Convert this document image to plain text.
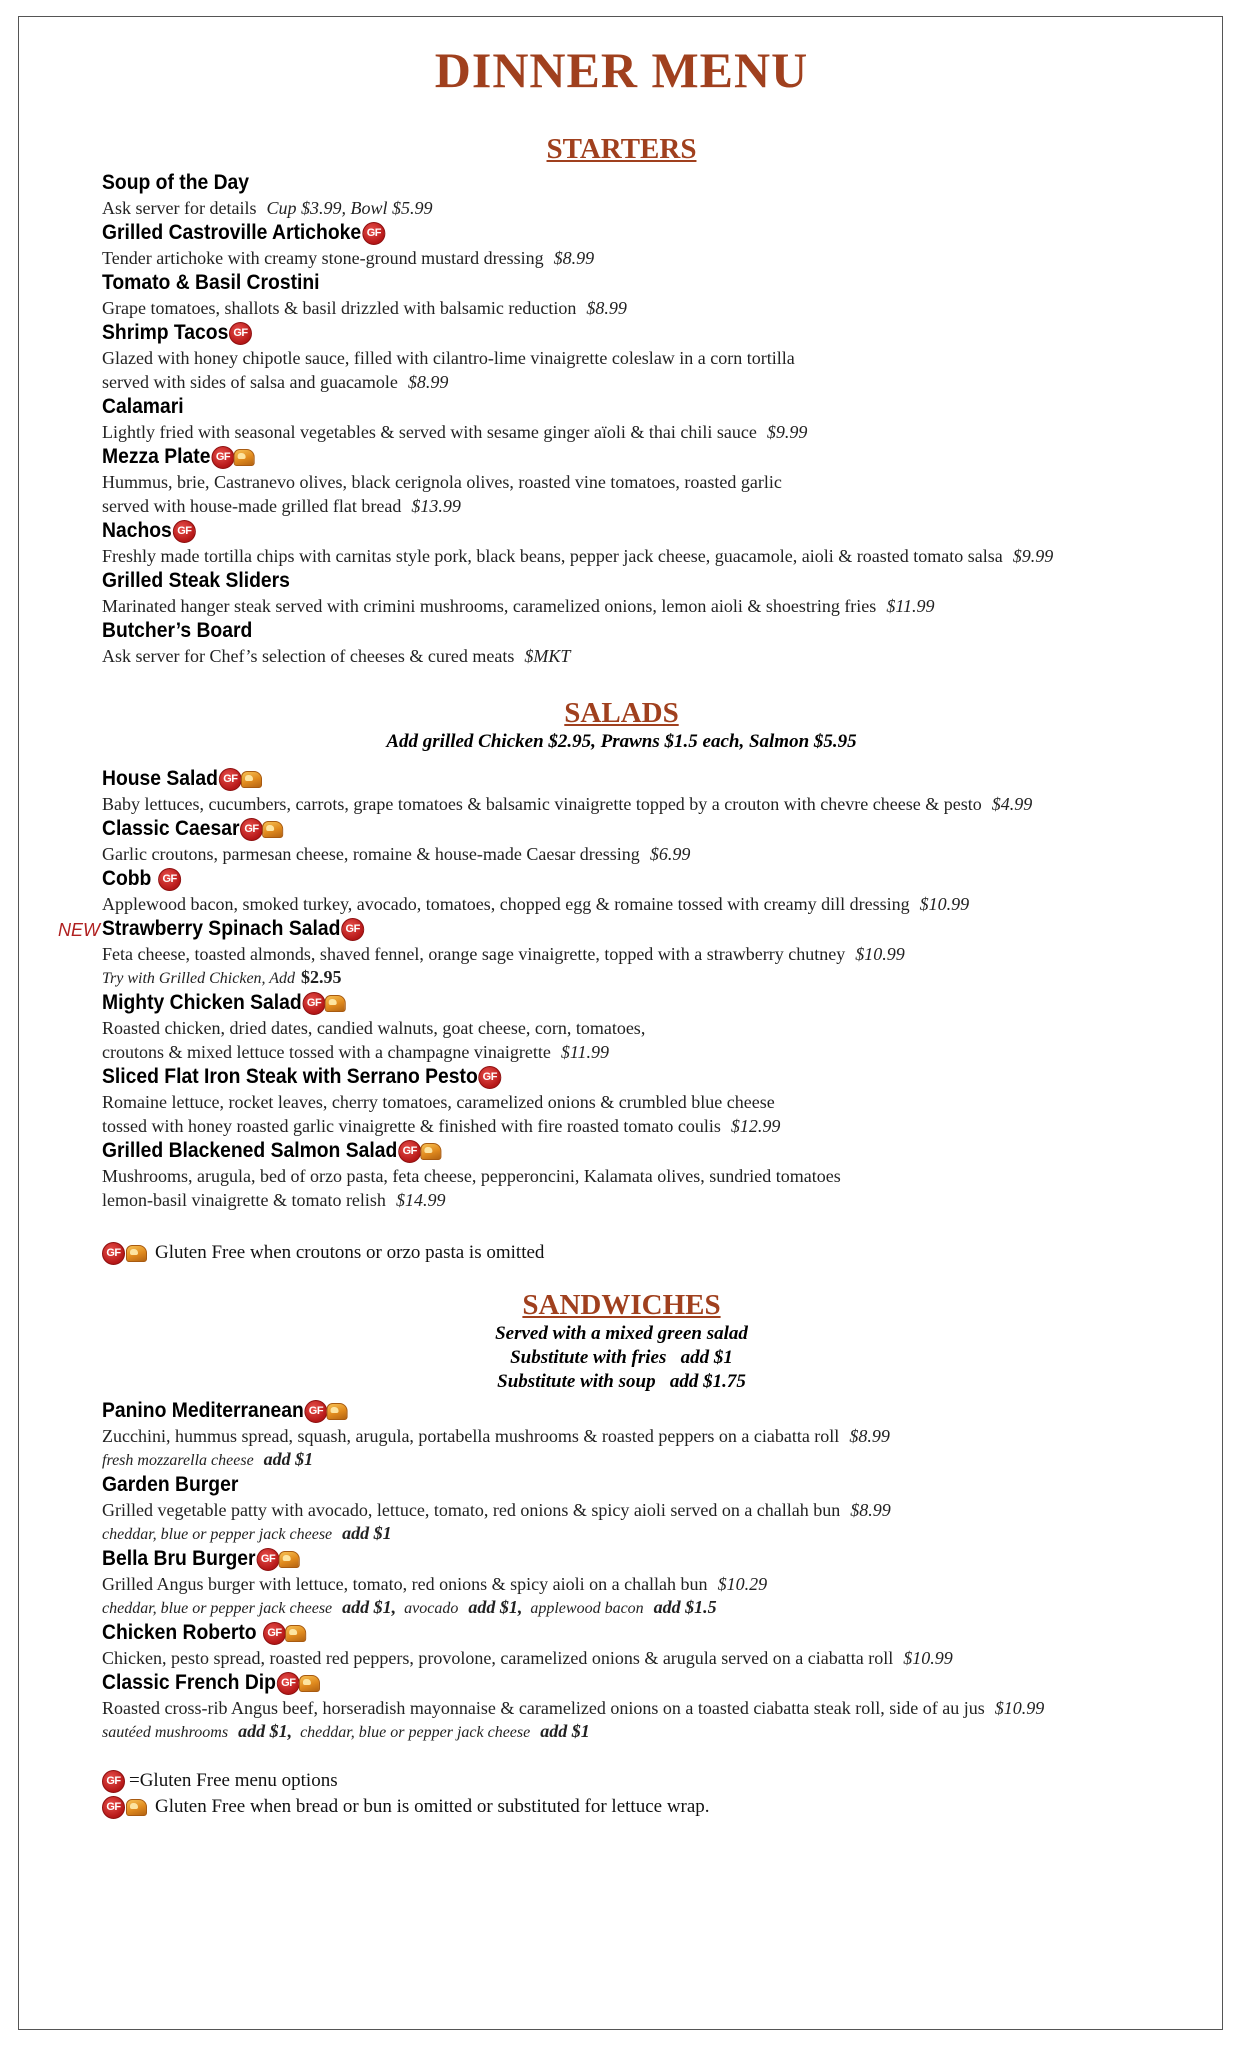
DINNER MENU
STARTERS
Soup of the Day
Ask server for details Cup $3.99, Bowl $5.99
Grilled Castroville Artichoke GF
Tender artichoke with creamy stone-ground mustard dressing $8.99
Tomato & Basil Crostini
Grape tomatoes, shallots & basil drizzled with balsamic reduction $8.99
Shrimp Tacos GF
Glazed with honey chipotle sauce, filled with cilantro-lime vinaigrette coleslaw in a corn tortilla
served with sides of salsa and guacamole $8.99
Calamari
Lightly fried with seasonal vegetables & served with sesame ginger aïoli & thai chili sauce $9.99
Mezza Plate GF
Hummus, brie, Castranevo olives, black cerignola olives, roasted vine tomatoes, roasted garlic
served with house-made grilled flat bread $13.99
Nachos GF
Freshly made tortilla chips with carnitas style pork, black beans, pepper jack cheese, guacamole, aioli & roasted tomato salsa $9.99
Grilled Steak Sliders
Marinated hanger steak served with crimini mushrooms, caramelized onions, lemon aioli & shoestring fries $11.99
Butcher’s Board
Ask server for Chef’s selection of cheeses & cured meats $MKT
SALADS
Add grilled Chicken $2.95, Prawns $1.5 each, Salmon $5.95
House Salad GF
Baby lettuces, cucumbers, carrots, grape tomatoes & balsamic vinaigrette topped by a crouton with chevre cheese & pesto $4.99
Classic Caesar GF
Garlic croutons, parmesan cheese, romaine & house-made Caesar dressing $6.99
Cobb GF
Applewood bacon, smoked turkey, avocado, tomatoes, chopped egg & romaine tossed with creamy dill dressing $10.99
NEW Strawberry Spinach Salad GF
Feta cheese, toasted almonds, shaved fennel, orange sage vinaigrette, topped with a strawberry chutney $10.99
Try with Grilled Chicken, Add $2.95
Mighty Chicken Salad GF
Roasted chicken, dried dates, candied walnuts, goat cheese, corn, tomatoes,
croutons & mixed lettuce tossed with a champagne vinaigrette $11.99
Sliced Flat Iron Steak with Serrano Pesto GF
Romaine lettuce, rocket leaves, cherry tomatoes, caramelized onions & crumbled blue cheese
tossed with honey roasted garlic vinaigrette & finished with fire roasted tomato coulis $12.99
Grilled Blackened Salmon Salad GF
Mushrooms, arugula, bed of orzo pasta, feta cheese, pepperoncini, Kalamata olives, sundried tomatoes
lemon-basil vinaigrette & tomato relish $14.99
GF Gluten Free when croutons or orzo pasta is omitted
SANDWICHES
Served with a mixed green salad
Substitute with fries   add $1
Substitute with soup   add $1.75
Panino Mediterranean GF
Zucchini, hummus spread, squash, arugula, portabella mushrooms & roasted peppers on a ciabatta roll $8.99
fresh mozzarella cheese add $1
Garden Burger
Grilled vegetable patty with avocado, lettuce, tomato, red onions & spicy aioli served on a challah bun $8.99
cheddar, blue or pepper jack cheese add $1
Bella Bru Burger GF
Grilled Angus burger with lettuce, tomato, red onions & spicy aioli on a challah bun $10.29
cheddar, blue or pepper jack cheese add $1, avocado add $1, applewood bacon add $1.5
Chicken Roberto GF
Chicken, pesto spread, roasted red peppers, provolone, caramelized onions & arugula served on a ciabatta roll $10.99
Classic French Dip GF
Roasted cross-rib Angus beef, horseradish mayonnaise & caramelized onions on a toasted ciabatta steak roll, side of au jus $10.99
sautéed mushrooms add $1, cheddar, blue or pepper jack cheese add $1
GF =Gluten Free menu options
GF Gluten Free when bread or bun is omitted or substituted for lettuce wrap.
